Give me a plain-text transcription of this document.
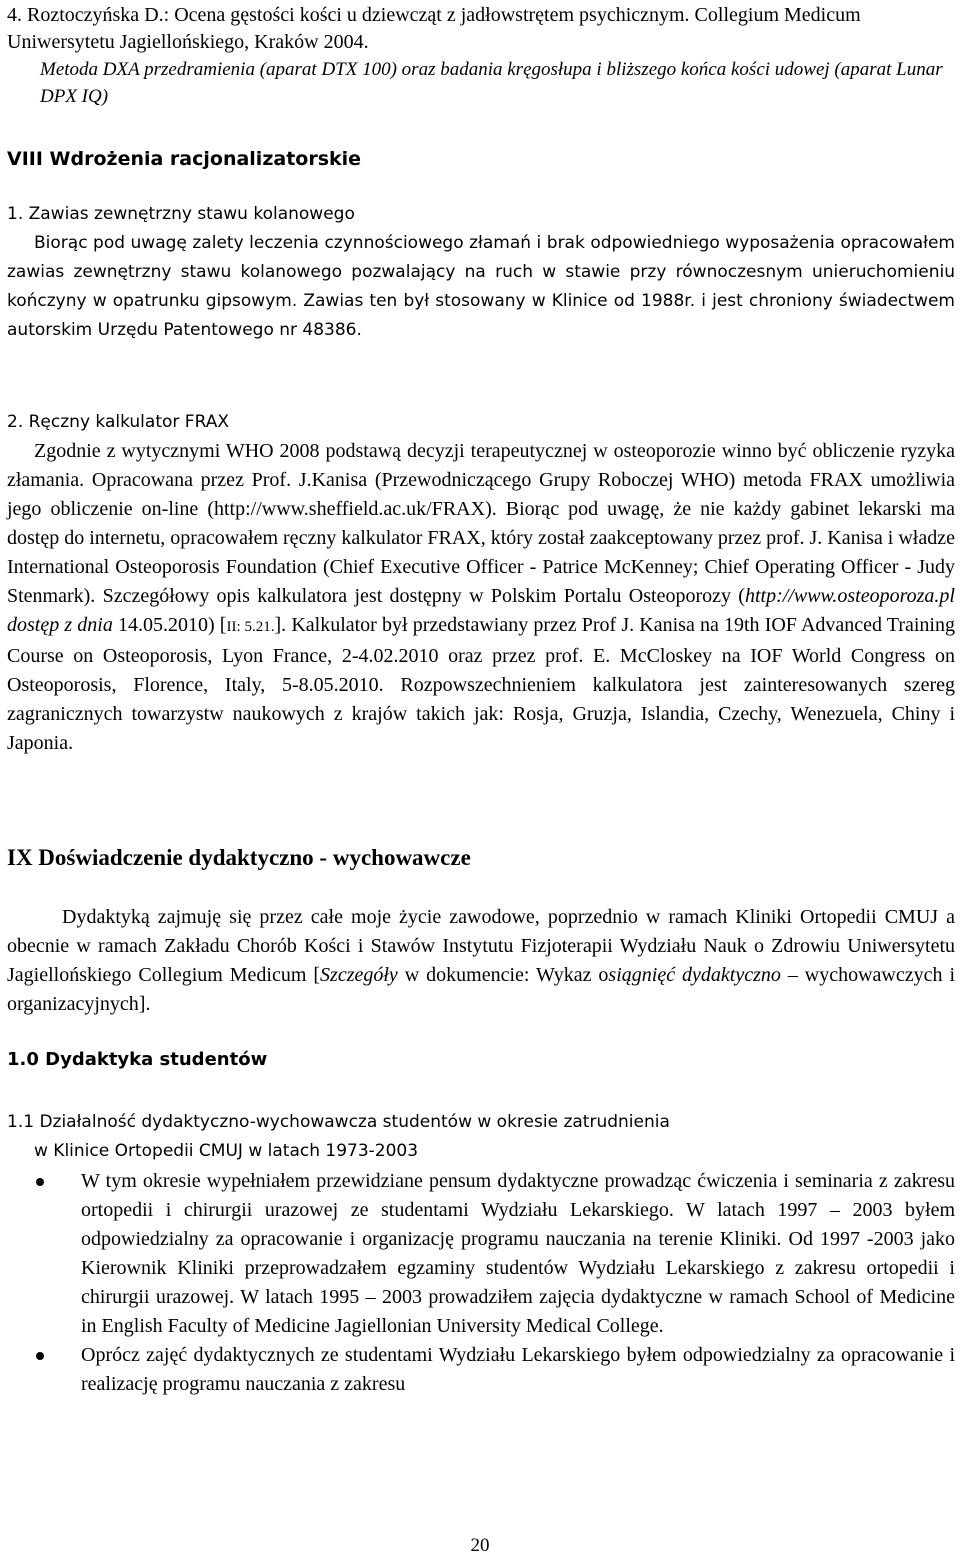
4. Roztoczyńska D.: Ocena gęstości kości u dziewcząt z jadłowstrętem psychicznym. Collegium Medicum Uniwersytetu Jagiellońskiego, Kraków 2004.
Metoda DXA przedramienia (aparat DTX 100) oraz badania kręgosłupa i bliższego końca kości udowej (aparat Lunar DPX IQ)
VIII Wdrożenia racjonalizatorskie
1. Zawias zewnętrzny stawu kolanowego
Biorąc pod uwagę zalety leczenia czynnościowego złamań i brak odpowiedniego wyposażenia opracowałem zawias zewnętrzny stawu kolanowego pozwalający na ruch w stawie przy równoczesnym unieruchomieniu kończyny w opatrunku gipsowym. Zawias ten był stosowany w Klinice od 1988r. i jest chroniony świadectwem autorskim Urzędu Patentowego nr 48386.
2. Ręczny kalkulator FRAX
Zgodnie z wytycznymi WHO 2008 podstawą decyzji terapeutycznej w osteoporozie winno być obliczenie ryzyka złamania. Opracowana przez Prof. J.Kanisa (Przewodniczącego Grupy Roboczej WHO) metoda FRAX umożliwia jego obliczenie on-line (http://www.sheffield.ac.uk/FRAX). Biorąc pod uwagę, że nie każdy gabinet lekarski ma dostęp do internetu, opracowałem ręczny kalkulator FRAX, który został zaakceptowany przez prof. J. Kanisa i władze International Osteoporosis Foundation (Chief Executive Officer - Patrice McKenney; Chief Operating Officer - Judy Stenmark). Szczegółowy opis kalkulatora jest dostępny w Polskim Portalu Osteoporozy (http://www.osteoporoza.pl dostęp z dnia 14.05.2010) [II: 5.21.]. Kalkulator był przedstawiany przez Prof J. Kanisa na 19th IOF Advanced Training Course on Osteoporosis, Lyon France, 2-4.02.2010 oraz przez prof. E. McCloskey na IOF World Congress on Osteoporosis, Florence, Italy, 5-8.05.2010. Rozpowszechnieniem kalkulatora jest zainteresowanych szereg zagranicznych towarzystw naukowych z krajów takich jak: Rosja, Gruzja, Islandia, Czechy, Wenezuela, Chiny i Japonia.
IX Doświadczenie dydaktyczno - wychowawcze
Dydaktyką zajmuję się przez całe moje życie zawodowe, poprzednio w ramach Kliniki Ortopedii CMUJ a obecnie w ramach Zakładu Chorób Kości i Stawów Instytutu Fizjoterapii Wydziału Nauk o Zdrowiu Uniwersytetu Jagiellońskiego Collegium Medicum [Szczegóły w dokumencie: Wykaz osiągnięć dydaktyczno – wychowawczych i organizacyjnych].
1.0 Dydaktyka studentów
1.1 Działalność dydaktyczno-wychowawcza studentów w okresie zatrudnienia
w Klinice Ortopedii CMUJ w latach 1973-2003
W tym okresie wypełniałem przewidziane pensum dydaktyczne prowadząc ćwiczenia i seminaria z zakresu ortopedii i chirurgii urazowej ze studentami Wydziału Lekarskiego. W latach 1997 – 2003 byłem odpowiedzialny za opracowanie i organizację programu nauczania na terenie Kliniki. Od 1997 -2003 jako Kierownik Kliniki przeprowadzałem egzaminy studentów Wydziału Lekarskiego z zakresu ortopedii i chirurgii urazowej. W latach 1995 – 2003 prowadziłem zajęcia dydaktyczne w ramach School of Medicine in English Faculty of Medicine Jagiellonian University Medical College.
Oprócz zajęć dydaktycznych ze studentami Wydziału Lekarskiego byłem odpowiedzialny za opracowanie i realizację programu nauczania z zakresu
20
